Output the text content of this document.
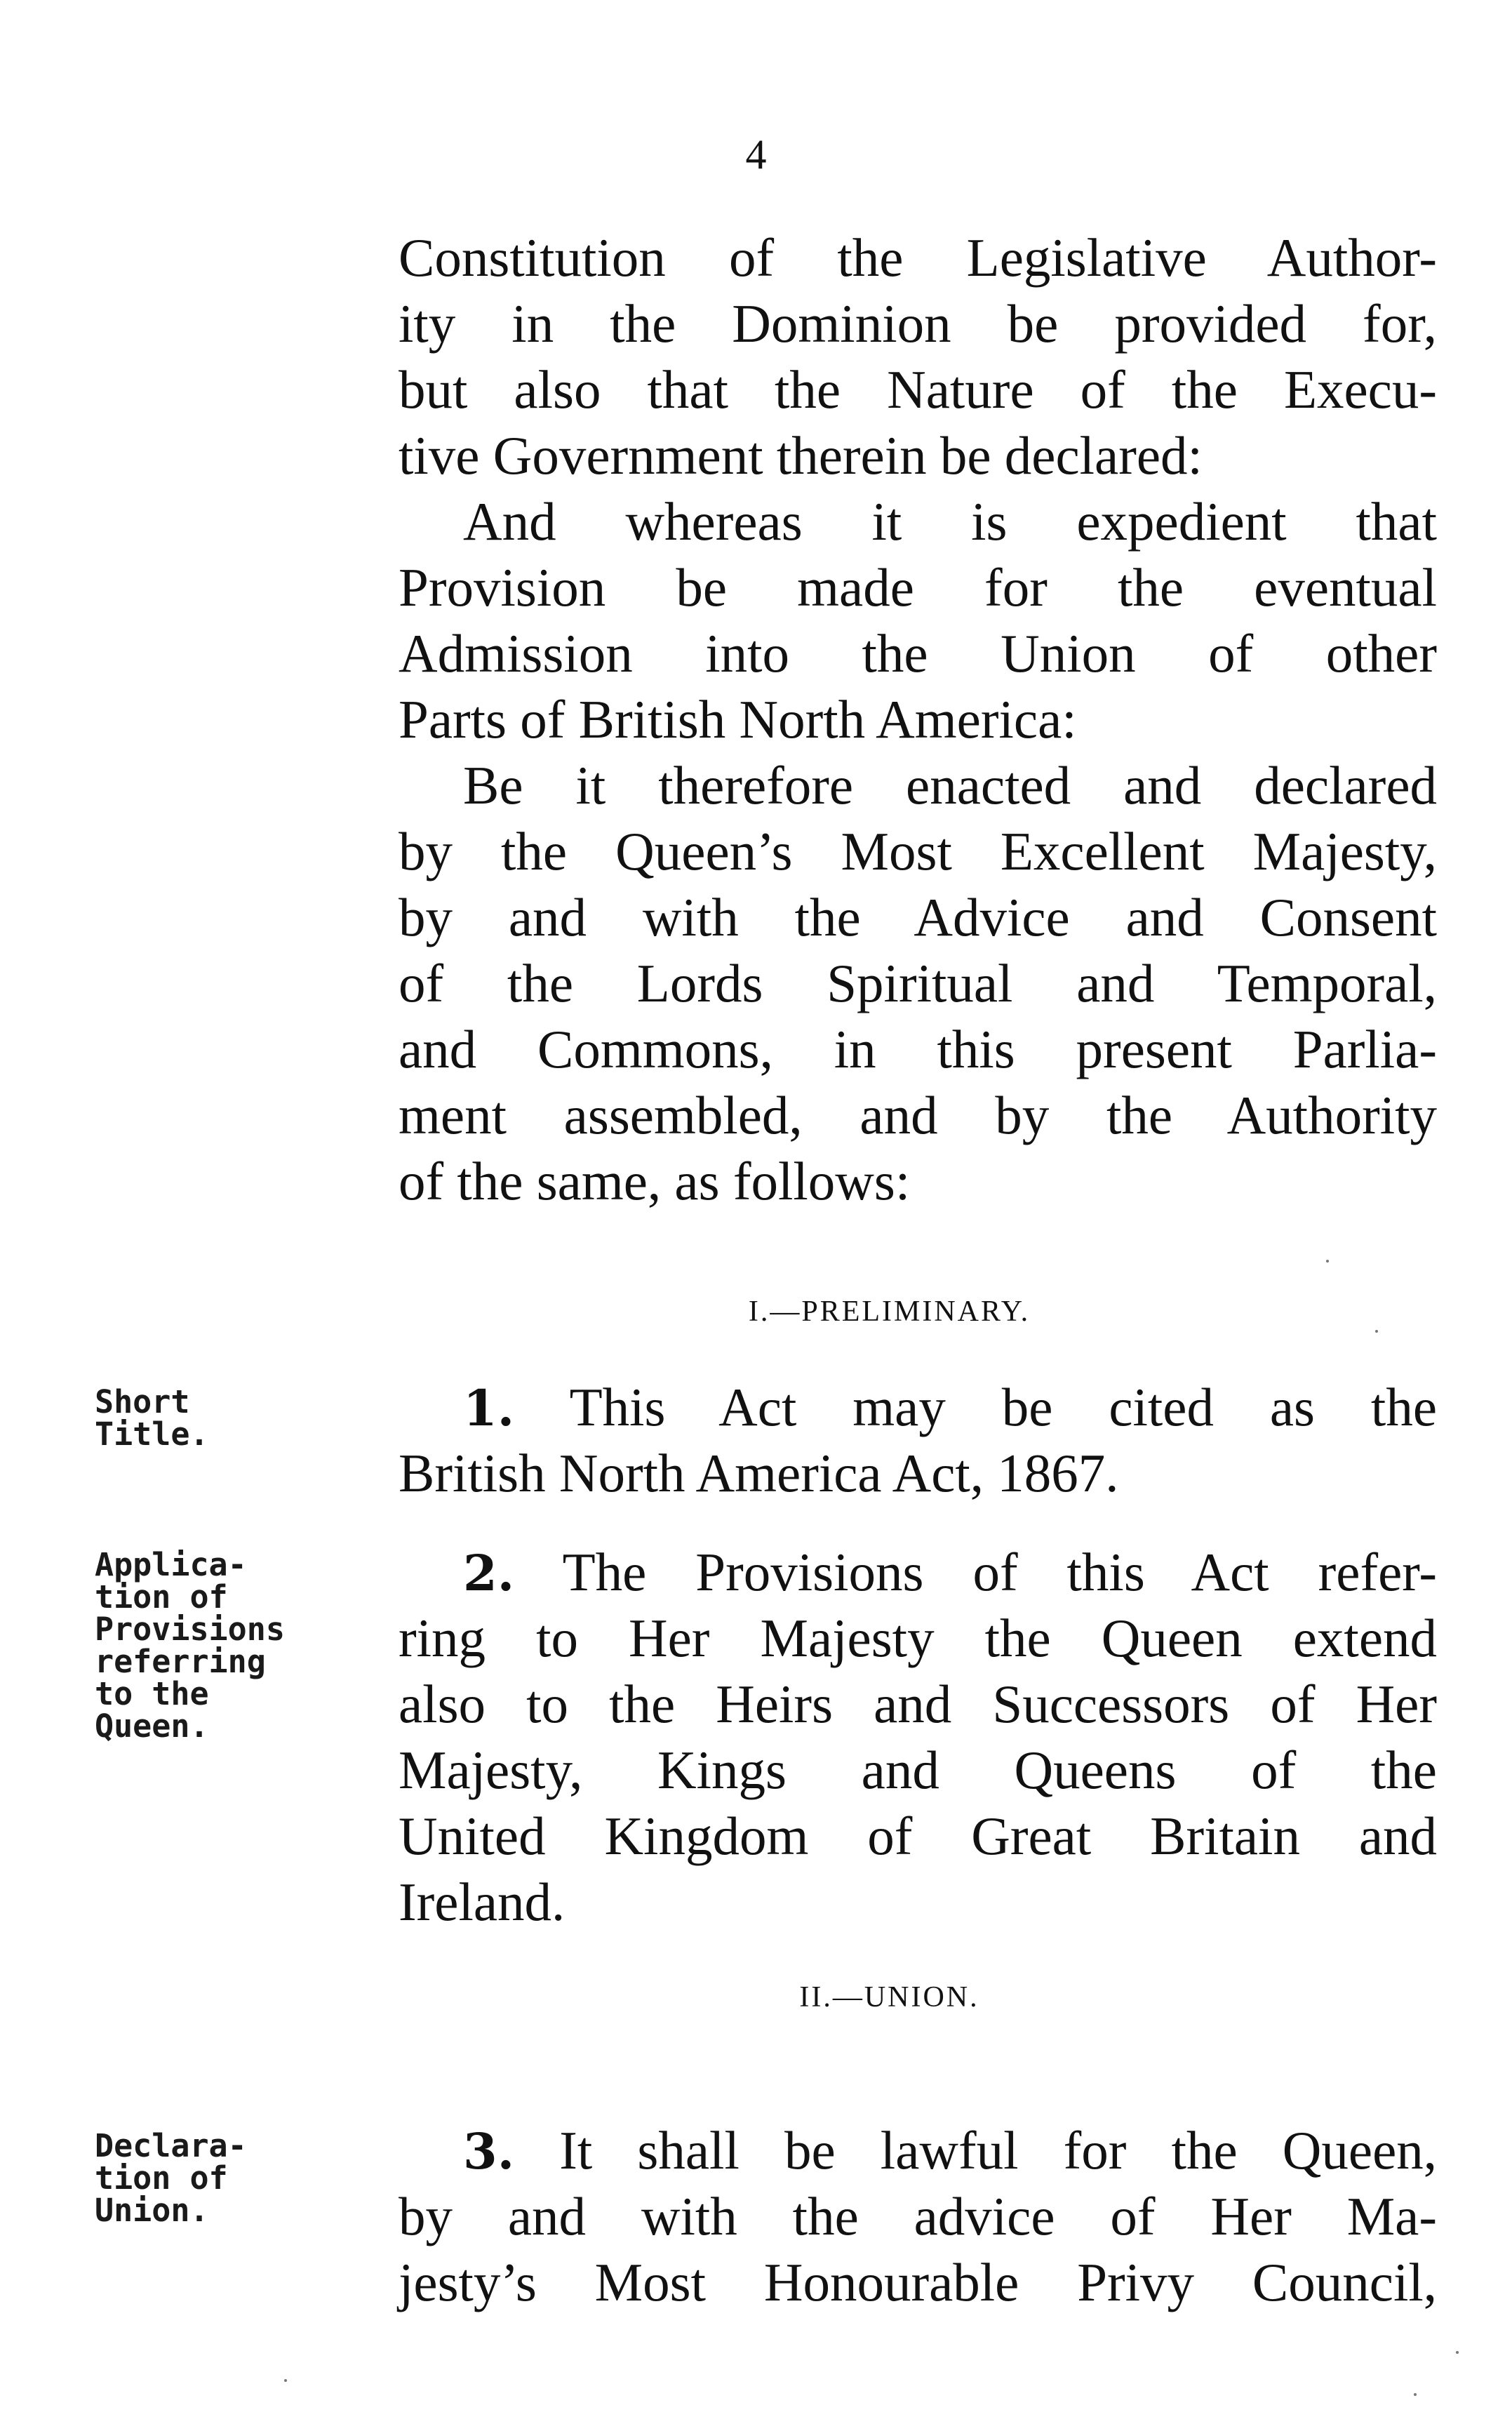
4
Constitution of the Legislative Author-
ity in the Dominion be provided for,
but also that the Nature of the Execu-
tive Government therein be declared:
And whereas it is expedient that
Provision be made for the eventual
Admission into the Union of other
Parts of British North America:
Be it therefore enacted and declared
by the Queen’s Most Excellent Majesty,
by and with the Advice and Consent
of the Lords Spiritual and Temporal,
and Commons, in this present Parlia-
ment assembled, and by the Authority
of the same, as follows:
I.—PRELIMINARY.
Short
Title.	1. This Act may be cited as the
British North America Act, 1867.
Applica-
tion of
Provisions
referring
to the
Queen.
2. The Provisions of this Act refer-
ring to Her Majesty the Queen extend
also to the Heirs and Successors of Her
Majesty, Kings and Queens of the
United Kingdom of Great Britain and
Ireland.
II.—UNION.
Declara-
tion of
Union.
3. It shall be lawful for the Queen,
by and with the advice of Her Ma-
jesty’s Most Honourable Privy Council,
